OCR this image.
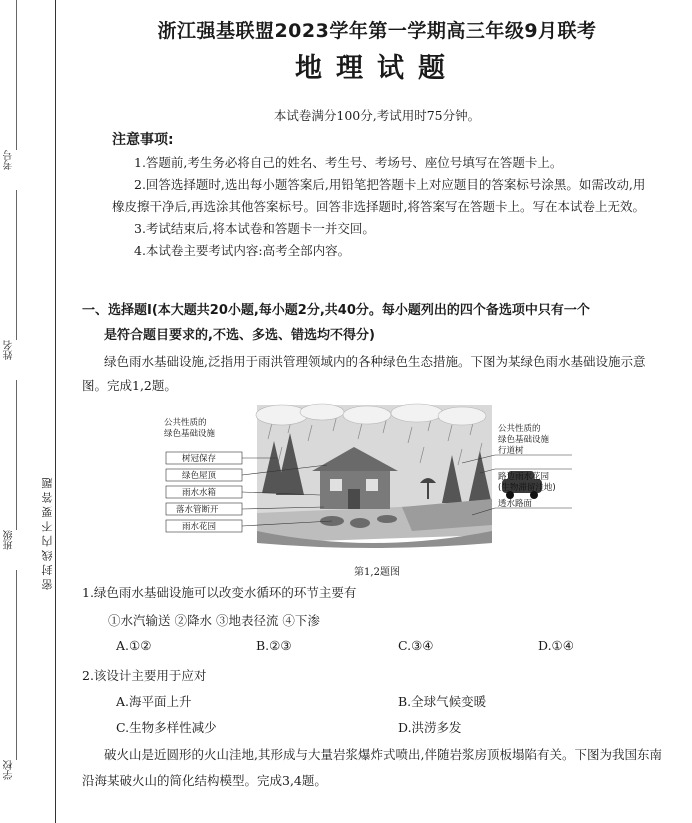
考号
姓名
班级
学校
密 封 线 内 不 要 答 题
浙江强基联盟2023学年第一学期高三年级9月联考
地理试题
本试卷满分100分,考试用时75分钟。
注意事项:

1.答题前,考生务必将自己的姓名、考生号、考场号、座位号填写在答题卡上。

2.回答选择题时,选出每小题答案后,用铅笔把答题卡上对应题目的答案标号涂黑。如需改动,用橡皮擦干净后,再选涂其他答案标号。回答非选择题时,将答案写在答题卡上。写在本试卷上无效。

3.考试结束后,将本试卷和答题卡一并交回。

4.本试卷主要考试内容:高考全部内容。

一、选择题Ⅰ(本大题共20小题,每小题2分,共40分。每小题列出的四个备选项中只有一个
是符合题目要求的,不选、多选、错选均不得分)
绿色雨水基础设施,泛指用于雨洪管理领域内的各种绿色生态措施。下图为某绿色雨水基础设施示意图。完成1,2题。
公共性质的
绿色基础设施
树冠保存
绿色屋顶
雨水水箱
落水管断开
雨水花园
公共性质的
绿色基础设施
行道树
路边雨水花园
(生物滞留洼地)
透水路面
第1,2题图
1.绿色雨水基础设施可以改变水循环的环节主要有
①水汽输送 ②降水 ③地表径流 ④下渗
A.①②	B.②③	C.③④	D.①④
2.该设计主要用于应对
A.海平面上升	B.全球气候变暖
C.生物多样性减少	D.洪涝多发
破火山是近圆形的火山洼地,其形成与大量岩浆爆炸式喷出,伴随岩浆房顶板塌陷有关。下图为我国东南沿海某破火山的简化结构模型。完成3,4题。
